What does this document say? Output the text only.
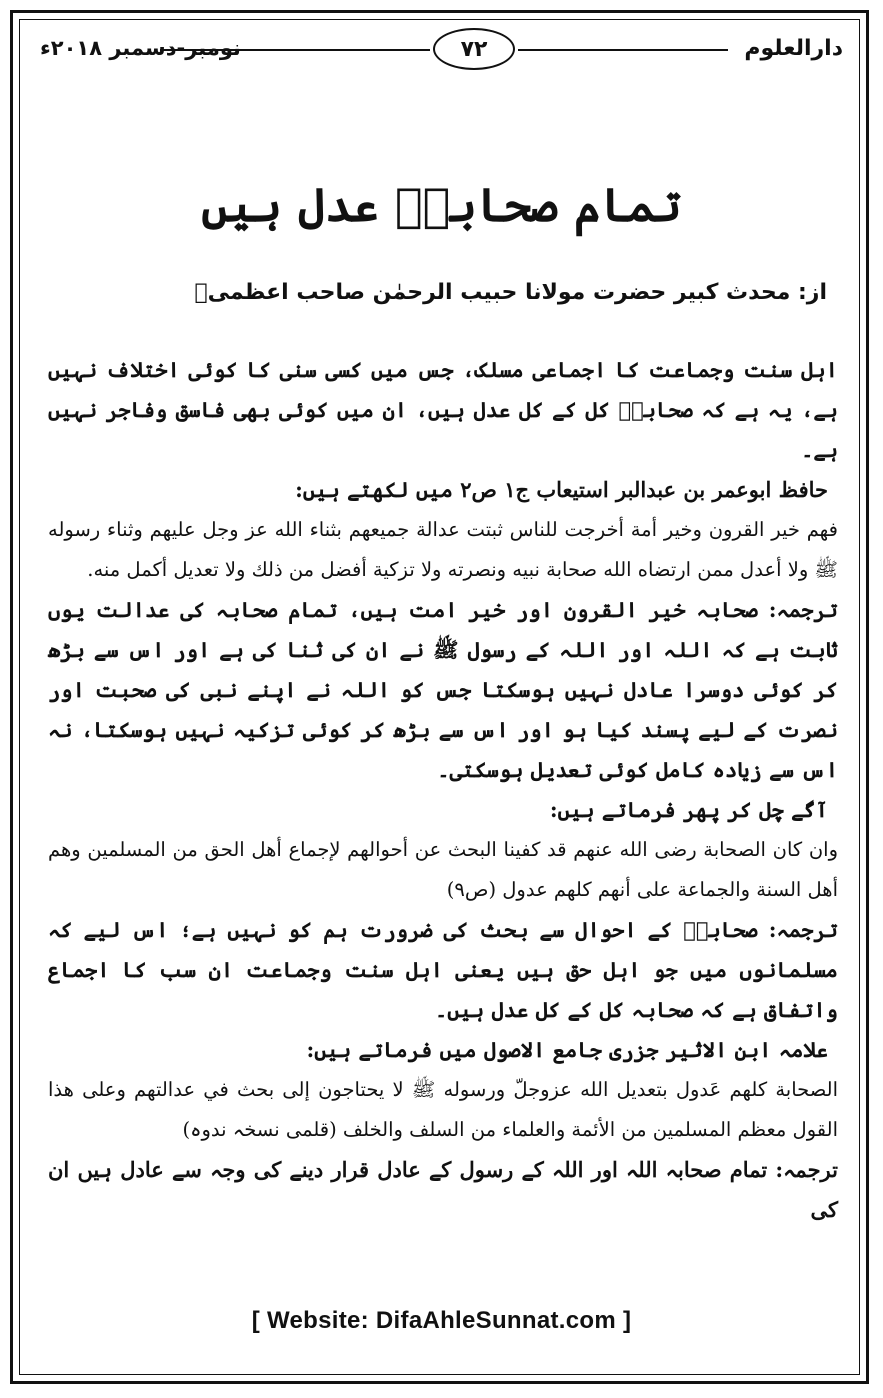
دارالعلوم
۷۲
نومبر-دسمبر ۲۰۱۸ء
تمام صحابہؓ عدل ہیں
از: محدث کبیر حضرت مولانا حبیب الرحمٰن صاحب اعظمیؒ

اہل سنت وجماعت کا اجماعی مسلک، جس میں کسی سنی کا کوئی اختلاف نہیں ہے، یہ ہے کہ صحابہؓ کل کے کل عدل ہیں، ان میں کوئی بھی فاسق وفاجر نہیں ہے۔

حافظ ابوعمر بن عبدالبر استیعاب ج۱ ص۲ میں لکھتے ہیں:

فهم خير القرون وخير أمة أخرجت للناس ثبتت عدالة جميعهم بثناء الله عز وجل عليهم وثناء رسوله ﷺ ولا أعدل ممن ارتضاه الله صحابة نبيه ونصرته ولا تزكية أفضل من ذلك ولا تعديل أكمل منه.

ترجمہ: صحابہ خیر القرون اور خیر امت ہیں، تمام صحابہ کی عدالت یوں ثابت ہے کہ اللہ اور اللہ کے رسول ﷺ نے ان کی ثنا کی ہے اور اس سے بڑھ کر کوئی دوسرا عادل نہیں ہوسکتا جس کو اللہ نے اپنے نبی کی صحبت اور نصرت کے لیے پسند کیا ہو اور اس سے بڑھ کر کوئی تزکیہ نہیں ہوسکتا، نہ اس سے زیادہ کامل کوئی تعدیل ہوسکتی۔

آگے چل کر پھر فرماتے ہیں:

وان كان الصحابة رضى الله عنهم قد كفينا البحث عن أحوالهم لإجماع أهل الحق من المسلمين وهم أهل السنة والجماعة على أنهم كلهم عدول (ص۹)

ترجمہ: صحابہؓ کے احوال سے بحث کی ضرورت ہم کو نہیں ہے؛ اس لیے کہ مسلمانوں میں جو اہل حق ہیں یعنی اہل سنت وجماعت ان سب کا اجماع واتفاق ہے کہ صحابہ کل کے کل عدل ہیں۔

علامہ ابن الاثیر جزری جامع الاصول میں فرماتے ہیں:

الصحابة كلهم عَدول بتعديل الله عزوجلّ ورسوله ﷺ لا يحتاجون إلى بحث في عدالتهم وعلى هذا القول معظم المسلمين من الأئمة والعلماء من السلف والخلف (قلمی نسخہ ندوہ)

ترجمہ: تمام صحابہ اللہ اور اللہ کے رسول کے عادل قرار دینے کی وجہ سے عادل ہیں ان کی

[ Website: DifaAhleSunnat.com ]
